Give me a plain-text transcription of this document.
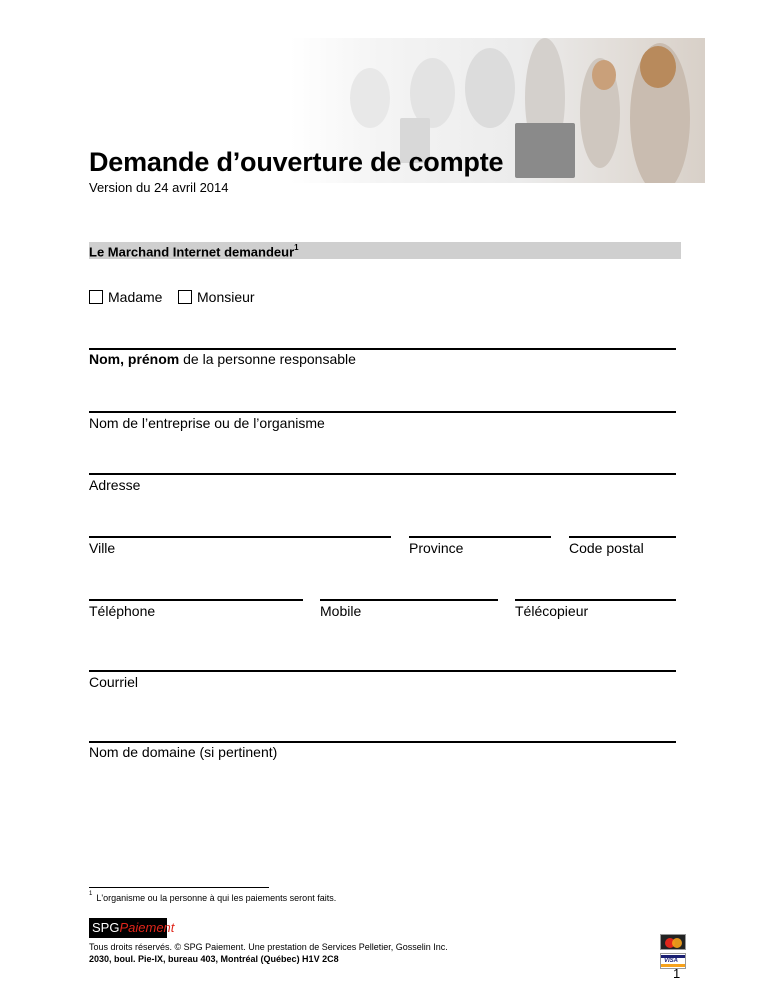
Demande d’ouverture de compte
Version du 24 avril 2014
Le Marchand Internet demandeur$^1$
Madame Monsieur
Nom, prénom de la personne responsable
Nom de l’entreprise ou de l’organisme
Adresse
Ville	Province	Code postal
Téléphone	Mobile	Télécopieur
Courriel
Nom de domaine (si pertinent)
$^1$ L'organisme ou la personne à qui les paiements seront faits.
SPGPaiement
Tous droits réservés. © SPG Paiement. Une prestation de Services Pelletier, Gosselin Inc.
2030, boul. Pie-IX, bureau 403, Montréal (Québec) H1V 2C8	VISA
1
